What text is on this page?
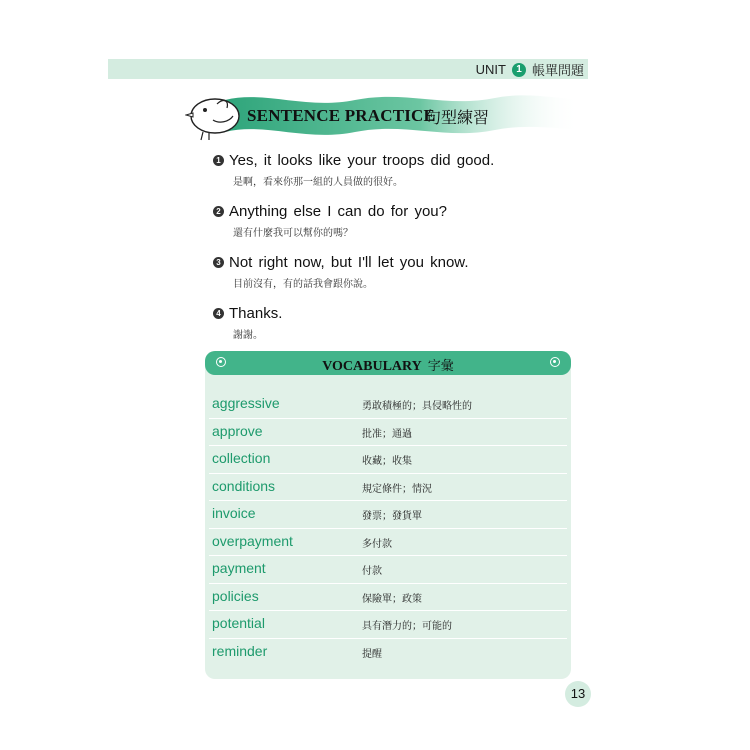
UNIT	1 帳單問題
SENTENCE PRACTICE
句型練習
1 Yes, it looks like your troops did good.
是啊，看來你那一組的人員做的很好。
2 Anything else I can do for you?
還有什麼我可以幫你的嗎？
3 Not right now, but I'll let you know.
目前沒有，有的話我會跟你說。
4 Thanks.
謝謝。
VOCABULARY 字彙
aggressive	勇敢積極的；具侵略性的
approve	批准；通過
collection	收藏；收集
conditions	規定條件；情況
invoice	發票；發貨單
overpayment	多付款
payment	付款
policies	保險單；政策
potential	具有潛力的；可能的
reminder	提醒
13
